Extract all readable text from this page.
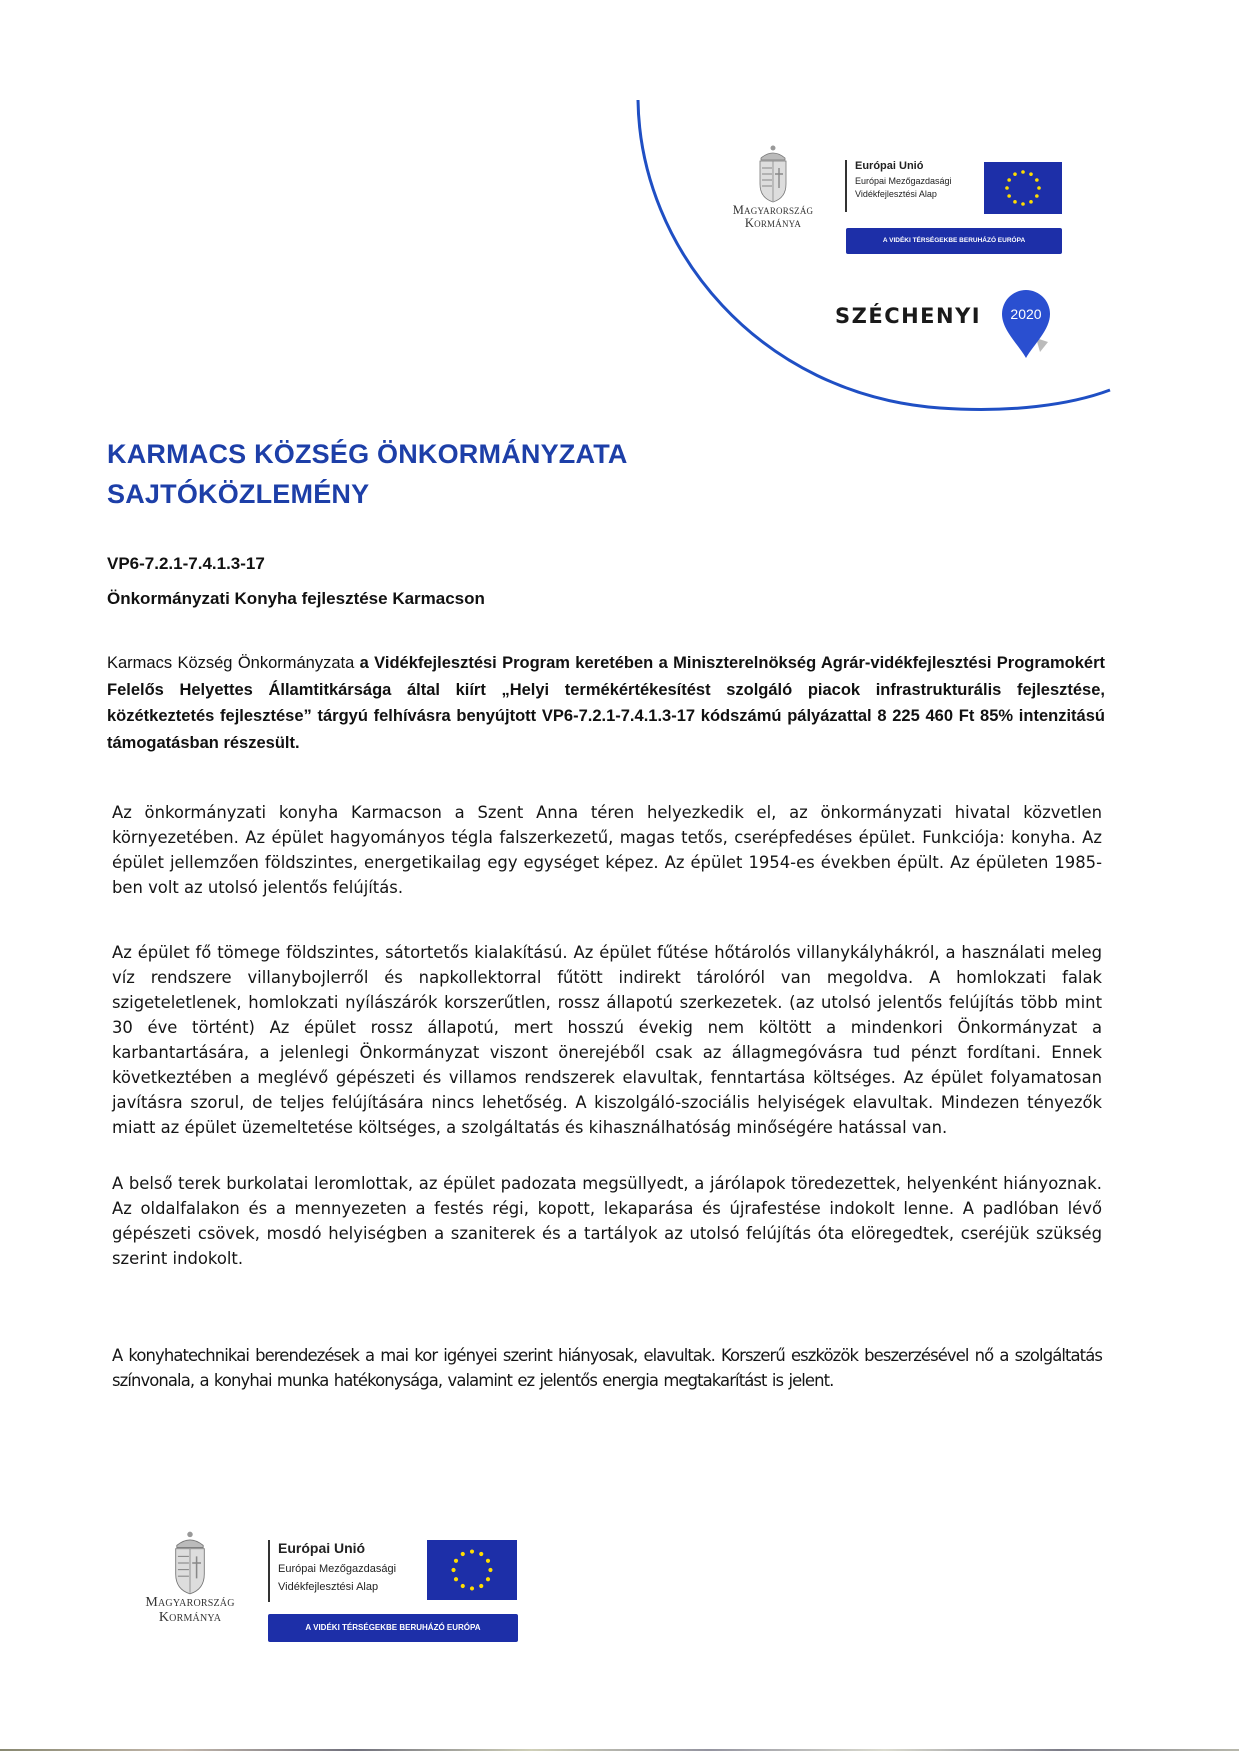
Magyarország
Kormánya
Európai Unió
Európai Mezőgazdasági
Vidékfejlesztési Alap
A VIDÉKI TÉRSÉGEKBE BERUHÁZÓ EURÓPA
SZÉCHENYI 2020
KARMACS KÖZSÉG ÖNKORMÁNYZATA
SAJTÓKÖZLEMÉNY
VP6-7.2.1-7.4.1.3-17
Önkormányzati Konyha fejlesztése Karmacson
Karmacs Község Önkormányzata a Vidékfejlesztési Program keretében a Miniszterelnökség Agrár-vidékfejlesztési Programokért Felelős Helyettes Államtitkársága által kiírt „Helyi termékértékesítést szolgáló piacok infrastrukturális fejlesztése, közétkeztetés fejlesztése” tárgyú felhívásra benyújtott VP6-7.2.1-7.4.1.3-17 kódszámú pályázattal 8 225 460 Ft 85% intenzitású támogatásban részesült.

Az önkormányzati konyha Karmacson a Szent Anna téren helyezkedik el, az önkormányzati hivatal közvetlen környezetében. Az épület hagyományos tégla falszerkezetű, magas tetős, cserépfedéses épület. Funkciója: konyha. Az épület jellemzően földszintes, energetikailag egy egységet képez. Az épület 1954-es években épült. Az épületen 1985-ben volt az utolsó jelentős felújítás.

Az épület fő tömege földszintes, sátortetős kialakítású. Az épület fűtése hőtárolós villanykályhákról, a használati meleg víz rendszere villanybojlerről és napkollektorral fűtött indirekt tárolóról van megoldva. A homlokzati falak szigeteletlenek, homlokzati nyílászárók korszerűtlen, rossz állapotú szerkezetek. (az utolsó jelentős felújítás több mint 30 éve történt) Az épület rossz állapotú, mert hosszú évekig nem költött a mindenkori Önkormányzat a karbantartására, a jelenlegi Önkormányzat viszont önerejéből csak az állagmegóvásra tud pénzt fordítani. Ennek következtében a meglévő gépészeti és villamos rendszerek elavultak, fenntartása költséges. Az épület folyamatosan javításra szorul, de teljes felújítására nincs lehetőség. A kiszolgáló-szociális helyiségek elavultak. Mindezen tényezők miatt az épület üzemeltetése költséges, a szolgáltatás és kihasználhatóság minőségére hatással van.

A belső terek burkolatai leromlottak, az épület padozata megsüllyedt, a járólapok töredezettek, helyenként hiányoznak. Az oldalfalakon és a mennyezeten a festés régi, kopott, lekaparása és újrafestése indokolt lenne. A padlóban lévő gépészeti csövek, mosdó helyiségben a szaniterek és a tartályok az utolsó felújítás óta elöregedtek, cseréjük szükség szerint indokolt.

A konyhatechnikai berendezések a mai kor igényei szerint hiányosak, elavultak. Korszerű eszközök beszerzésével nő a szolgáltatás színvonala, a konyhai munka hatékonysága, valamint ez jelentős energia megtakarítást is jelent.

Magyarország
Kormánya
Európai Unió
Európai Mezőgazdasági
Vidékfejlesztési Alap
A VIDÉKI TÉRSÉGEKBE BERUHÁZÓ EURÓPA
